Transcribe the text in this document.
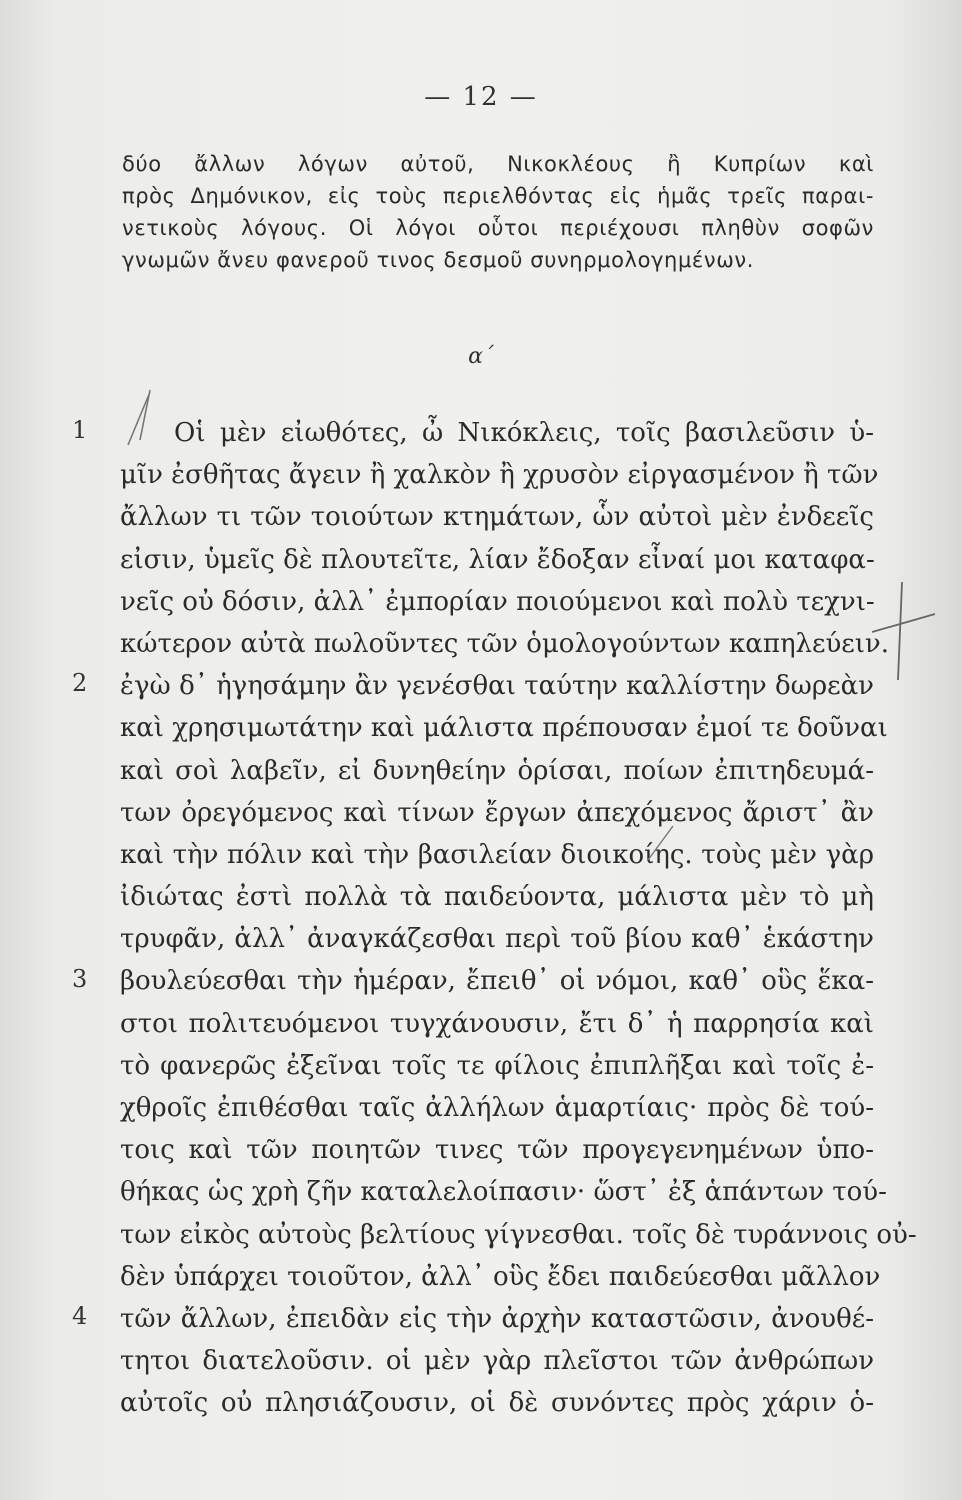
— 12 —
δύο ἄλλων λόγων αὐτοῦ, Νικοκλέους ἢ Κυπρίων καὶ
πρὸς Δημόνικον, εἰς τοὺς περιελθόντας εἰς ἡμᾶς τρεῖς παραι-
νετικοὺς λόγους. Οἱ λόγοι οὗτοι περιέχουσι πληθὺν σοφῶν
γνωμῶν ἄνευ φανεροῦ τινος δεσμοῦ συνηρμολογημένων.
α΄
1
2
3
4
Οἱ μὲν εἰωθότες, ὦ Νικόκλεις, τοῖς βασιλεῦσιν ὑ-
μῖν ἐσθῆτας ἄγειν ἢ χαλκὸν ἢ χρυσὸν εἰργασμένον ἢ τῶν
ἄλλων τι τῶν τοιούτων κτημάτων, ὧν αὐτοὶ μὲν ἐνδεεῖς
εἰσιν, ὑμεῖς δὲ πλουτεῖτε, λίαν ἔδοξαν εἶναί μοι καταφα-
νεῖς οὐ δόσιν, ἀλλ᾽ ἐμπορίαν ποιούμενοι καὶ πολὺ τεχνι-
κώτερον αὐτὰ πωλοῦντες τῶν ὁμολογούντων καπηλεύειν.
ἐγὼ δ᾽ ἡγησάμην ἂν γενέσθαι ταύτην καλλίστην δωρεὰν
καὶ χρησιμωτάτην καὶ μάλιστα πρέπουσαν ἐμοί τε δοῦναι
καὶ σοὶ λαβεῖν, εἰ δυνηθείην ὁρίσαι, ποίων ἐπιτηδευμά-
των ὀρεγόμενος καὶ τίνων ἔργων ἀπεχόμενος ἄριστ᾽ ἂν
καὶ τὴν πόλιν καὶ τὴν βασιλείαν διοικοίης. τοὺς μὲν γὰρ
ἰδιώτας ἐστὶ πολλὰ τὰ παιδεύοντα, μάλιστα μὲν τὸ μὴ
τρυφᾶν, ἀλλ᾽ ἀναγκάζεσθαι περὶ τοῦ βίου καθ᾽ ἑκάστην
βουλεύεσθαι τὴν ἡμέραν, ἔπειθ᾽ οἱ νόμοι, καθ᾽ οὓς ἕκα-
στοι πολιτευόμενοι τυγχάνουσιν, ἔτι δ᾽ ἡ παρρησία καὶ
τὸ φανερῶς ἐξεῖναι τοῖς τε φίλοις ἐπιπλῆξαι καὶ τοῖς ἐ-
χθροῖς ἐπιθέσθαι ταῖς ἀλλήλων ἁμαρτίαις· πρὸς δὲ τού-
τοις καὶ τῶν ποιητῶν τινες τῶν προγεγενημένων ὑπο-
θήκας ὡς χρὴ ζῆν καταλελοίπασιν· ὥστ᾽ ἐξ ἁπάντων τού-
των εἰκὸς αὐτοὺς βελτίους γίγνεσθαι. τοῖς δὲ τυράννοις οὐ-
δὲν ὑπάρχει τοιοῦτον, ἀλλ᾽ οὓς ἔδει παιδεύεσθαι μᾶλλον
τῶν ἄλλων, ἐπειδὰν εἰς τὴν ἀρχὴν καταστῶσιν, ἀνουθέ-
τητοι διατελοῦσιν. οἱ μὲν γὰρ πλεῖστοι τῶν ἀνθρώπων
αὐτοῖς οὐ πλησιάζουσιν, οἱ δὲ συνόντες πρὸς χάριν ὁ-
